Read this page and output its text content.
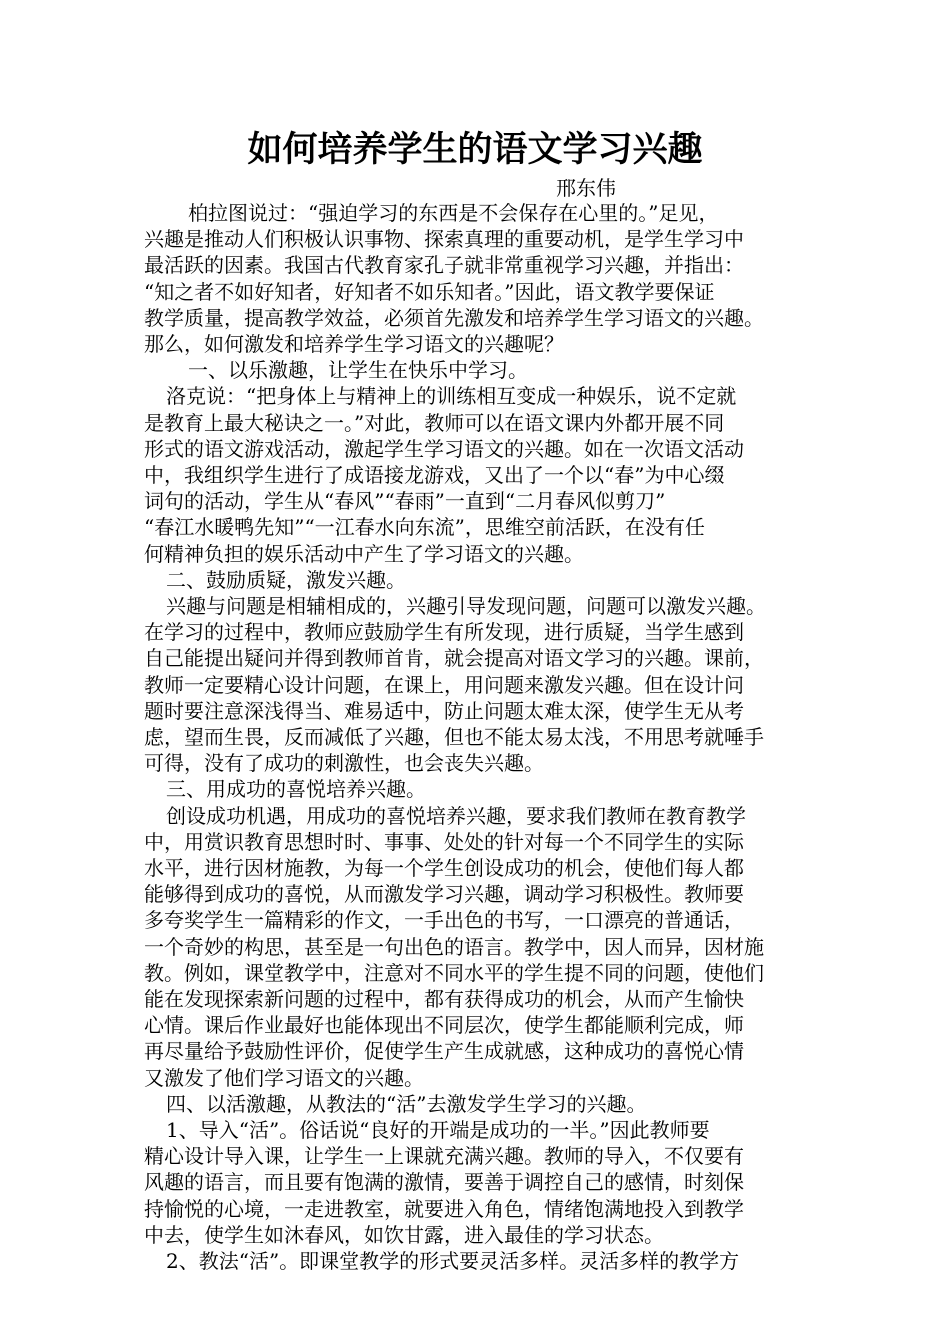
如何培养学生的语文学习兴趣
邢东伟
柏拉图说过：“强迫学习的东西是不会保存在心里的。”足见，
兴趣是推动人们积极认识事物、探索真理的重要动机，是学生学习中
最活跃的因素。我国古代教育家孔子就非常重视学习兴趣，并指出：
“知之者不如好知者，好知者不如乐知者。”因此，语文教学要保证
教学质量，提高教学效益，必须首先激发和培养学生学习语文的兴趣。
那么，如何激发和培养学生学习语文的兴趣呢？
一、以乐激趣，让学生在快乐中学习。
洛克说：“把身体上与精神上的训练相互变成一种娱乐，说不定就
是教育上最大秘诀之一。”对此，教师可以在语文课内外都开展不同
形式的语文游戏活动，激起学生学习语文的兴趣。如在一次语文活动
中，我组织学生进行了成语接龙游戏，又出了一个以“春”为中心缀
词句的活动，学生从“春风”“春雨”一直到“二月春风似剪刀”
“春江水暖鸭先知”“一江春水向东流”，思维空前活跃，在没有任
何精神负担的娱乐活动中产生了学习语文的兴趣。
二、鼓励质疑，激发兴趣。
兴趣与问题是相辅相成的，兴趣引导发现问题，问题可以激发兴趣。
在学习的过程中，教师应鼓励学生有所发现，进行质疑，当学生感到
自己能提出疑问并得到教师首肯，就会提高对语文学习的兴趣。课前，
教师一定要精心设计问题，在课上，用问题来激发兴趣。但在设计问
题时要注意深浅得当、难易适中，防止问题太难太深，使学生无从考
虑，望而生畏，反而减低了兴趣，但也不能太易太浅，不用思考就唾手
可得，没有了成功的刺激性，也会丧失兴趣。
三、用成功的喜悦培养兴趣。
创设成功机遇，用成功的喜悦培养兴趣，要求我们教师在教育教学
中，用赏识教育思想时时、事事、处处的针对每一个不同学生的实际
水平，进行因材施教，为每一个学生创设成功的机会，使他们每人都
能够得到成功的喜悦，从而激发学习兴趣，调动学习积极性。教师要
多夸奖学生一篇精彩的作文，一手出色的书写，一口漂亮的普通话，
一个奇妙的构思，甚至是一句出色的语言。教学中，因人而异，因材施
教。例如，课堂教学中，注意对不同水平的学生提不同的问题，使他们
能在发现探索新问题的过程中，都有获得成功的机会，从而产生愉快
心情。课后作业最好也能体现出不同层次，使学生都能顺利完成，师
再尽量给予鼓励性评价，促使学生产生成就感，这种成功的喜悦心情
又激发了他们学习语文的兴趣。
四、以活激趣，从教法的“活”去激发学生学习的兴趣。
1、导入“活”。俗话说“良好的开端是成功的一半。”因此教师要
精心设计导入课，让学生一上课就充满兴趣。教师的导入，不仅要有
风趣的语言，而且要有饱满的激情，要善于调控自己的感情，时刻保
持愉悦的心境，一走进教室，就要进入角色，情绪饱满地投入到教学
中去，使学生如沐春风，如饮甘露，进入最佳的学习状态。
2、教法“活”。即课堂教学的形式要灵活多样。灵活多样的教学方
